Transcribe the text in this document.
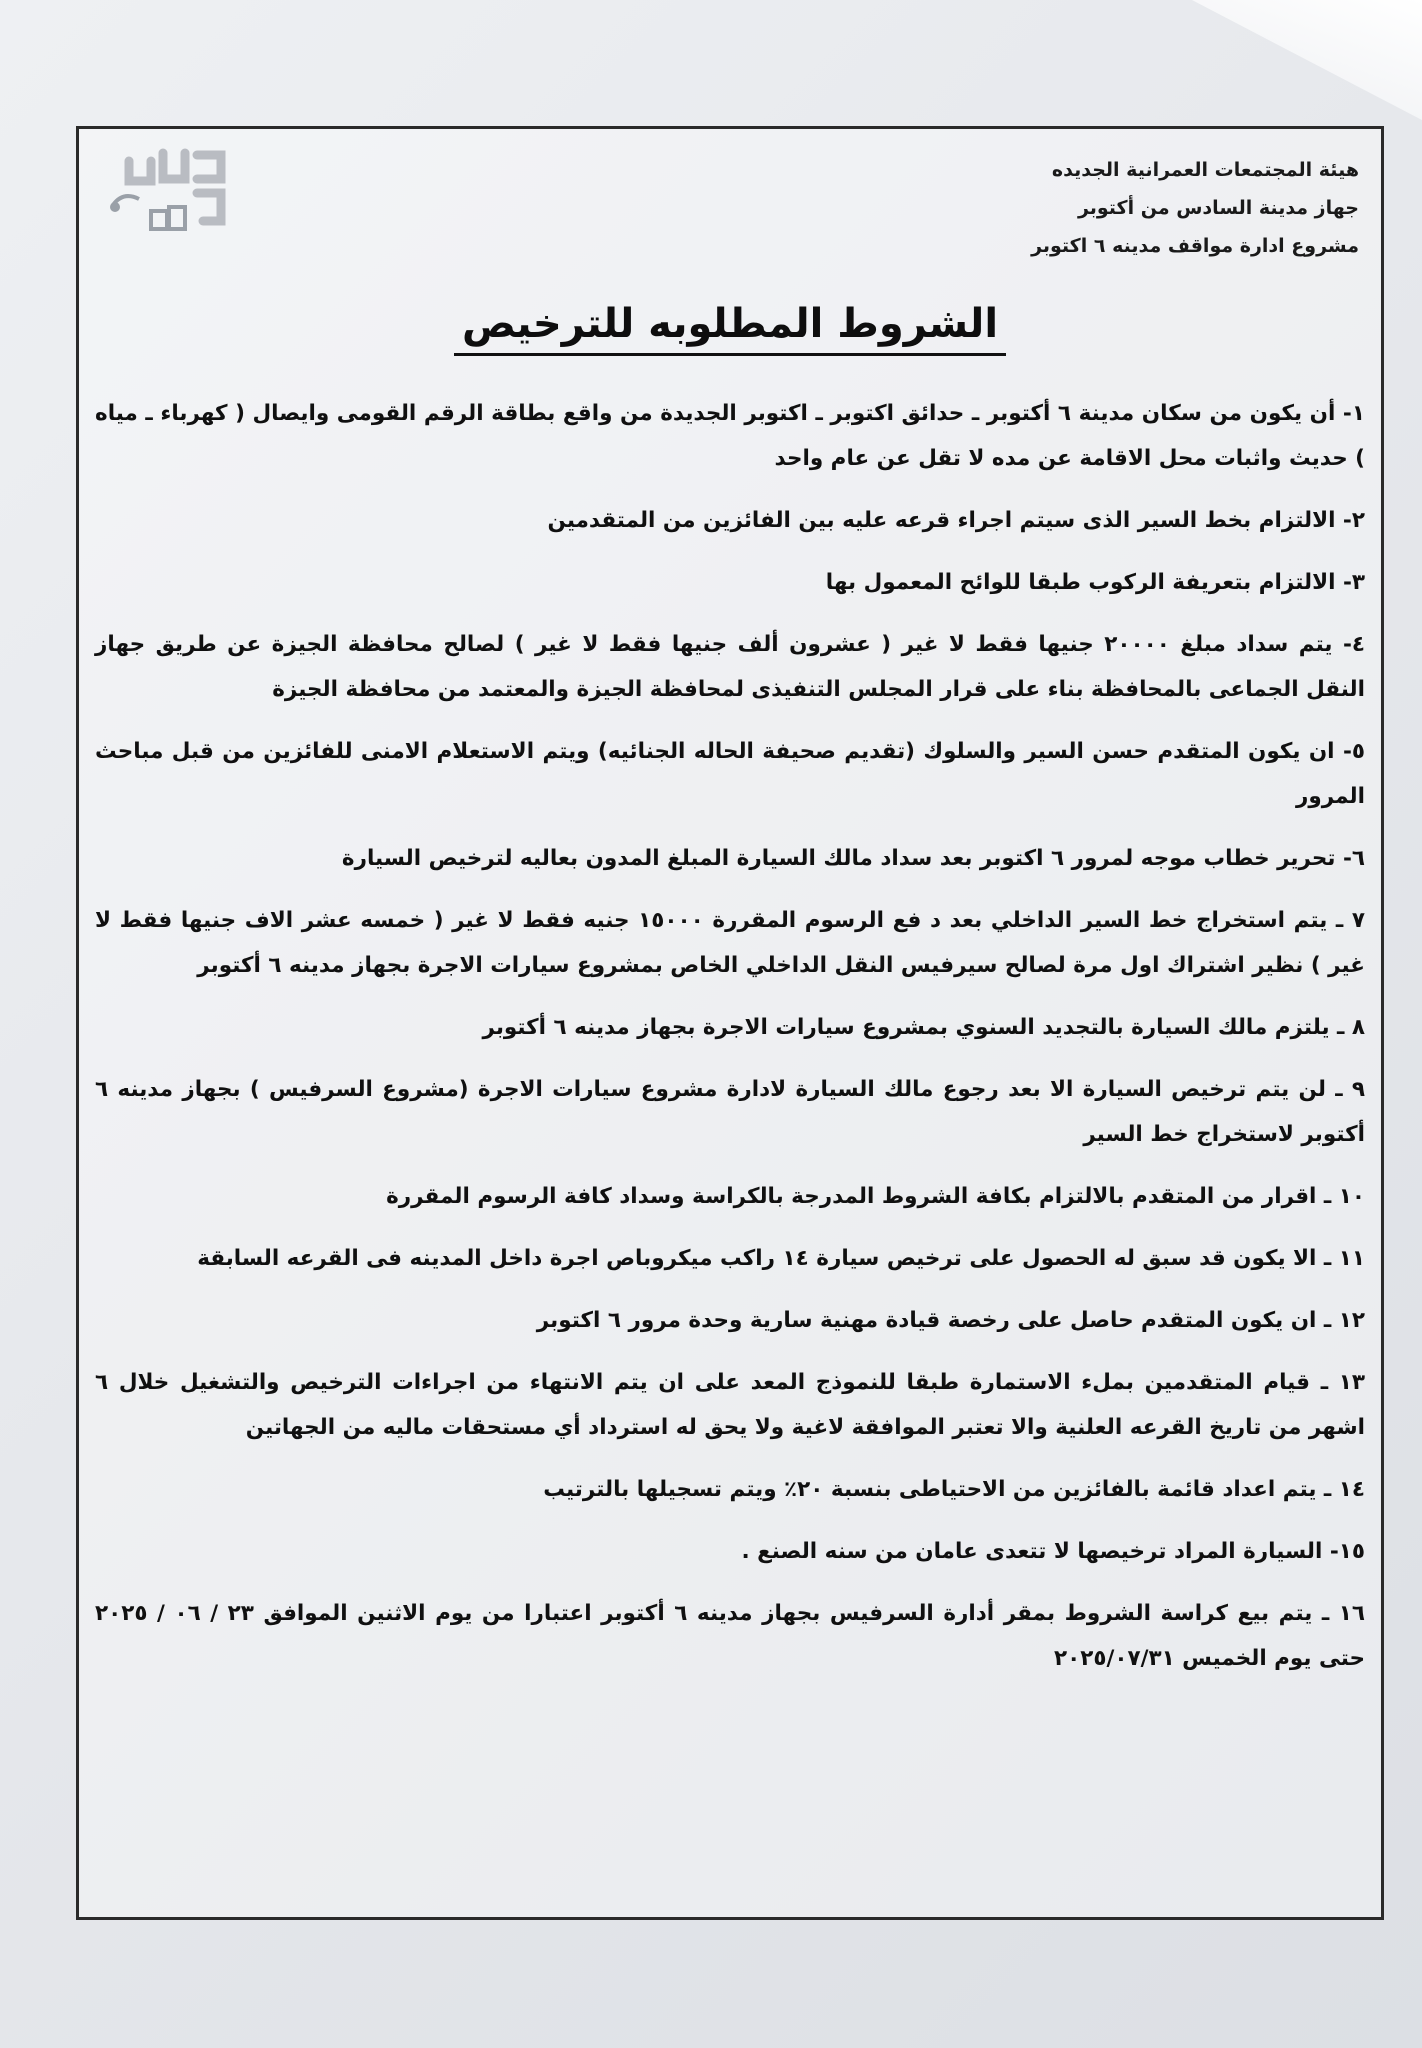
هيئة المجتمعات العمرانية الجديده
جهاز مدينة السادس من أكتوبر
مشروع ادارة مواقف مدينه ٦ اكتوبر
الشروط المطلوبه للترخيص
١- أن يكون من سكان مدينة ٦ أكتوبر ـ حدائق اكتوبر ـ اكتوبر الجديدة من واقع بطاقة الرقم القومى وايصال ( كهرباء ـ مياه ) حديث واثبات محل الاقامة عن مده لا تقل عن عام واحد
٢- الالتزام بخط السير الذى سيتم اجراء قرعه عليه بين الفائزين من المتقدمين
٣- الالتزام بتعريفة الركوب طبقا للوائح المعمول بها
٤- يتم سداد مبلغ ٢٠٠٠٠ جنيها فقط لا غير ( عشرون ألف جنيها فقط لا غير ) لصالح محافظة الجيزة عن طريق جهاز النقل الجماعى بالمحافظة بناء على قرار المجلس التنفيذى لمحافظة الجيزة والمعتمد من محافظة الجيزة
٥- ان يكون المتقدم حسن السير والسلوك (تقديم صحيفة الحاله الجنائيه) ويتم الاستعلام الامنى للفائزين من قبل مباحث المرور
٦- تحرير خطاب موجه لمرور ٦ اكتوبر بعد سداد مالك السيارة المبلغ المدون بعاليه لترخيص السيارة
٧ ـ يتم استخراج خط السير الداخلي بعد د فع الرسوم المقررة ١٥٠٠٠ جنيه فقط لا غير ( خمسه عشر الاف جنيها فقط لا غير ) نظير اشتراك اول مرة لصالح سيرفيس النقل الداخلي الخاص بمشروع سيارات الاجرة بجهاز مدينه ٦ أكتوبر
٨ ـ يلتزم مالك السيارة بالتجديد السنوي بمشروع سيارات الاجرة بجهاز مدينه ٦ أكتوبر
٩ ـ لن يتم ترخيص السيارة الا بعد رجوع مالك السيارة لادارة مشروع سيارات الاجرة (مشروع السرفيس ) بجهاز مدينه ٦ أكتوبر لاستخراج خط السير
١٠ ـ اقرار من المتقدم بالالتزام بكافة الشروط المدرجة بالكراسة وسداد كافة الرسوم المقررة
١١ ـ الا يكون قد سبق له الحصول على ترخيص سيارة ١٤ راكب ميكروباص اجرة داخل المدينه فى القرعه السابقة
١٢ ـ ان يكون المتقدم حاصل على رخصة قيادة مهنية سارية وحدة مرور ٦ اكتوبر
١٣ ـ قيام المتقدمين بملء الاستمارة طبقا للنموذج المعد على ان يتم الانتهاء من اجراءات الترخيص والتشغيل خلال ٦ اشهر من تاريخ القرعه العلنية والا تعتبر الموافقة لاغية ولا يحق له استرداد أي مستحقات ماليه من الجهاتين
١٤ ـ يتم اعداد قائمة بالفائزين من الاحتياطى بنسبة ٢٠٪ ويتم تسجيلها بالترتيب
١٥- السيارة المراد ترخيصها لا تتعدى عامان من سنه الصنع .
١٦ ـ يتم بيع كراسة الشروط بمقر أدارة السرفيس بجهاز مدينه ٦ أكتوبر اعتبارا من يوم الاثنين الموافق ٢٣ / ٠٦ / ٢٠٢٥ حتى يوم الخميس ٢٠٢٥/٠٧/٣١
